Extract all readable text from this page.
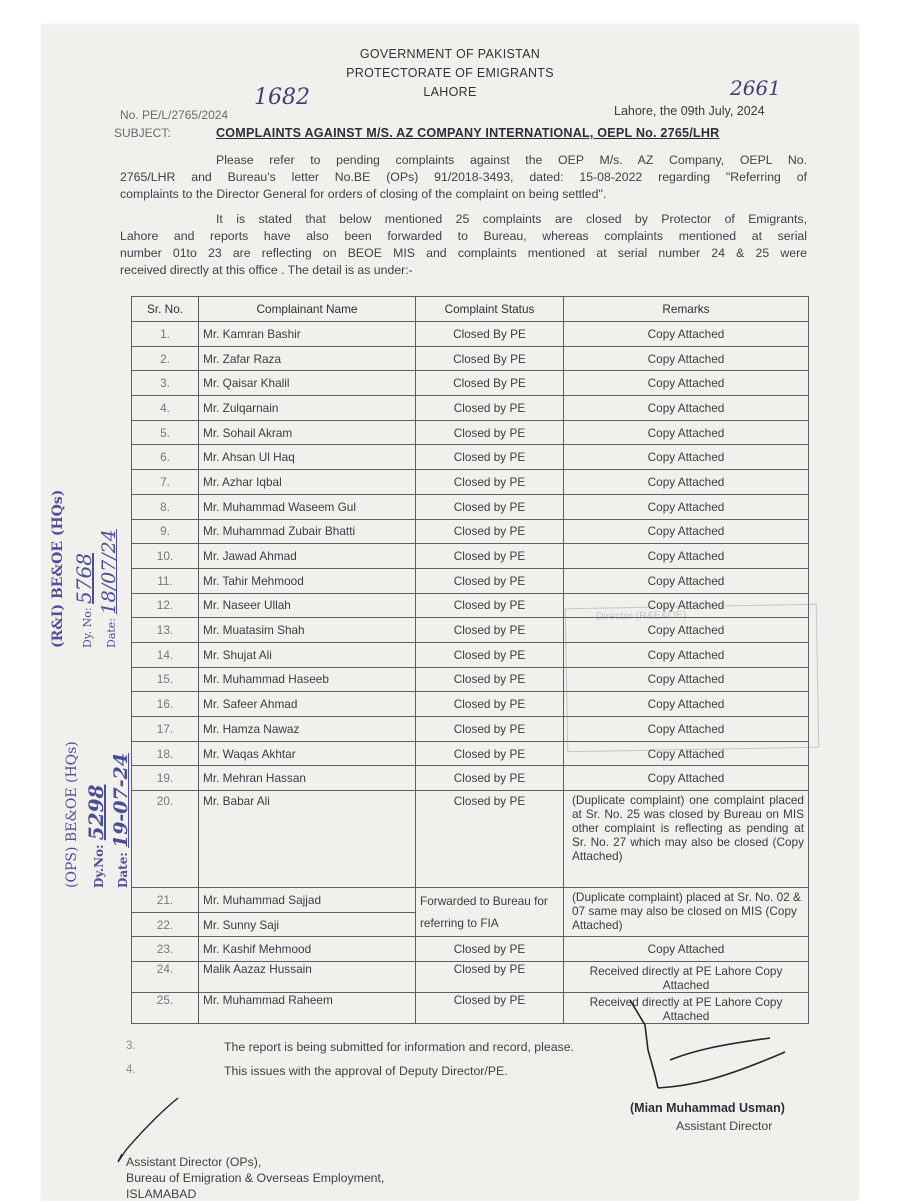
GOVERNMENT OF PAKISTAN
PROTECTORATE OF EMIGRANTS
LAHORE	2661
1682
No. PE/L/2765/2024	Lahore, the 09th July, 2024
SUBJECT:	COMPLAINTS AGAINST M/S. AZ COMPANY INTERNATIONAL, OEPL No. 2765/LHR
Please refer to pending complaints against the OEP M/s. AZ Company, OEPL No.
2765/LHR and Bureau's letter No.BE (OPs) 91/2018-3493, dated: 15-08-2022 regarding "Referring of
complaints to the Director General for orders of closing of the complaint on being settled".
It is stated that below mentioned 25 complaints are closed by Protector of Emigrants,
Lahore and reports have also been forwarded to Bureau, whereas complaints mentioned at serial
number 01to 23 are reflecting on BEOE MIS and complaints mentioned at serial number 24 & 25 were
received directly at this office . The detail is as under:-
Sr. No.	Complainant Name	Complaint Status	Remarks
1.	Mr. Kamran Bashir	Closed By PE	Copy Attached
2.	Mr. Zafar Raza	Closed By PE	Copy Attached
3.	Mr. Qaisar Khalil	Closed By PE	Copy Attached
4.	Mr. Zulqarnain	Closed by PE	Copy Attached
5.	Mr. Sohail Akram	Closed by PE	Copy Attached
6.	Mr. Ahsan Ul Haq	Closed by PE	Copy Attached
7.	Mr. Azhar Iqbal	Closed by PE	Copy Attached
8.	Mr. Muhammad Waseem Gul	Closed by PE	Copy Attached
9.	Mr. Muhammad Zubair Bhatti	Closed by PE	Copy Attached
10.	Mr. Jawad Ahmad	Closed by PE	Copy Attached
11.	Mr. Tahir Mehmood	Closed by PE	Copy Attached
12.	Mr. Naseer Ullah	Closed by PE	Copy Attached
13.	Mr. Muatasim Shah	Closed by PE	Copy Attached
14.	Mr. Shujat Ali	Closed by PE	Copy Attached
15.	Mr. Muhammad Haseeb	Closed by PE	Copy Attached
16.	Mr. Safeer Ahmad	Closed by PE	Copy Attached
17.	Mr. Hamza Nawaz	Closed by PE	Copy Attached
18.	Mr. Waqas Akhtar	Closed by PE	Copy Attached
19.	Mr. Mehran Hassan	Closed by PE	Copy Attached
20.	Mr. Babar Ali	Closed by PE	(Duplicate complaint) one complaint placed at Sr. No. 25 was closed by Bureau on MIS other complaint is reflecting as pending at Sr. No. 27 which may also be closed (Copy Attached)
21.	Mr. Muhammad Sajjad	Forwarded to Bureau for referring to FIA	(Duplicate complaint) placed at Sr. No. 02 & 07 same may also be closed on MIS (Copy Attached)
22.	Mr. Sunny Saji		
23.	Mr. Kashif Mehmood	Closed by PE	Copy Attached
24.	Malik Aazaz Hussain	Closed by PE	Received directly at PE Lahore Copy Attached
25.	Mr. Muhammad Raheem	Closed by PE	Received directly at PE Lahore Copy Attached
3.	The report is being submitted for information and record, please.
4.	This issues with the approval of Deputy Director/PE.
(Mian Muhammad Usman)
Assistant Director
Assistant Director (OPs),
Bureau of Emigration & Overseas Employment,
ISLAMABAD
(R&I) BE&OE (HQs)	Dy. No: 5768
Date: 18/07/24
(OPS) BE&OE (HQs)	Dy.No: 5298
Date: 19-07-24
Director (R&E&OE)
